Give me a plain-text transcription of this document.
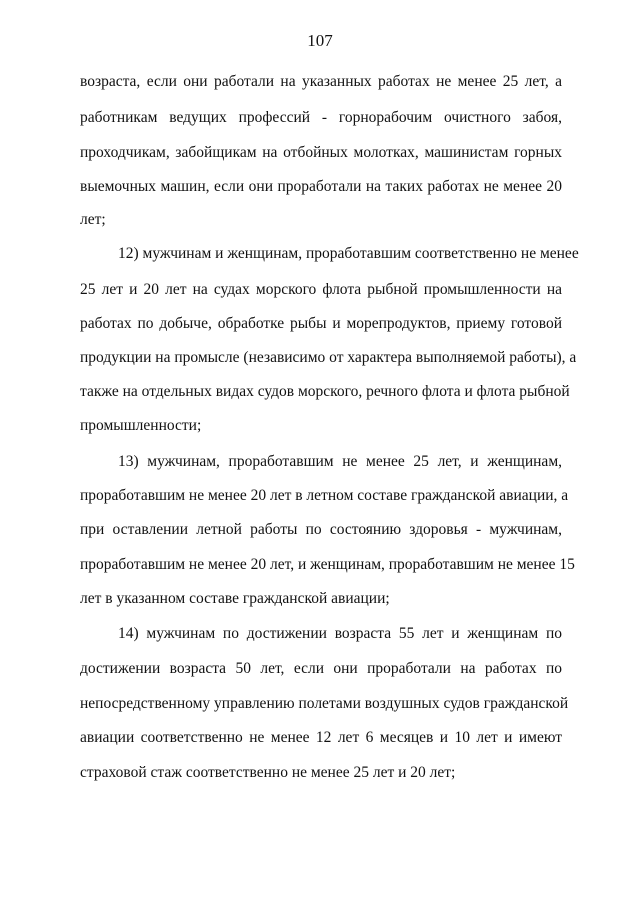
107
возраста, если они работали на указанных работах не менее 25 лет, а
работникам ведущих профессий - горнорабочим очистного забоя,
проходчикам, забойщикам на отбойных молотках, машинистам горных
выемочных машин, если они проработали на таких работах не менее 20
лет;
12) мужчинам и женщинам, проработавшим соответственно не менее
25 лет и 20 лет на судах морского флота рыбной промышленности на
работах по добыче, обработке рыбы и морепродуктов, приему готовой
продукции на промысле (независимо от характера выполняемой работы), а
также на отдельных видах судов морского, речного флота и флота рыбной
промышленности;
13) мужчинам, проработавшим не менее 25 лет, и женщинам,
проработавшим не менее 20 лет в летном составе гражданской авиации, а
при оставлении летной работы по состоянию здоровья - мужчинам,
проработавшим не менее 20 лет, и женщинам, проработавшим не менее 15
лет в указанном составе гражданской авиации;
14) мужчинам по достижении возраста 55 лет и женщинам по
достижении возраста 50 лет, если они проработали на работах по
непосредственному управлению полетами воздушных судов гражданской
авиации соответственно не менее 12 лет 6 месяцев и 10 лет и имеют
страховой стаж соответственно не менее 25 лет и 20 лет;
